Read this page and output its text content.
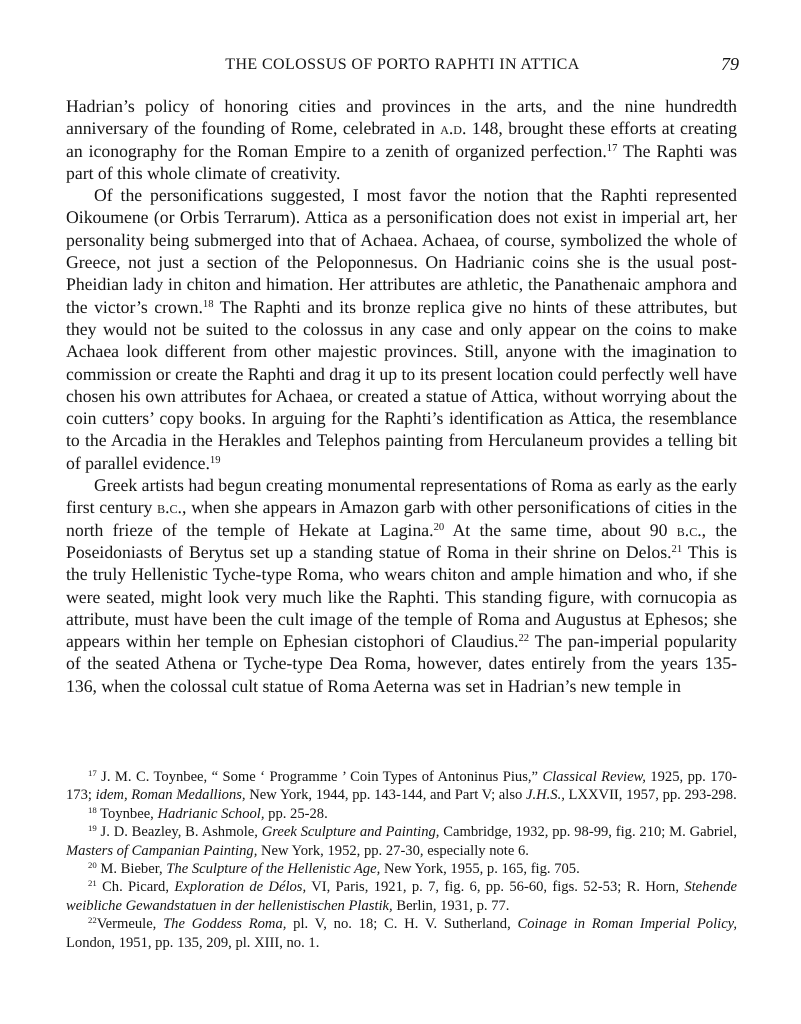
THE COLOSSUS OF PORTO RAPHTI IN ATTICA	79

Hadrian’s policy of honoring cities and provinces in the arts, and the nine hundredth anniversary of the founding of Rome, celebrated in a.d. 148, brought these efforts at creating an iconography for the Roman Empire to a zenith of organized perfection.$^{17}$ The Raphti was part of this whole climate of creativity.

Of the personifications suggested, I most favor the notion that the Raphti represented Oikoumene (or Orbis Terrarum). Attica as a personification does not exist in imperial art, her personality being submerged into that of Achaea. Achaea, of course, symbolized the whole of Greece, not just a section of the Peloponnesus. On Hadrianic coins she is the usual post-Pheidian lady in chiton and himation. Her attributes are athletic, the Panathenaic amphora and the victor’s crown.$^{18}$ The Raphti and its bronze replica give no hints of these attributes, but they would not be suited to the colossus in any case and only appear on the coins to make Achaea look different from other majestic provinces. Still, anyone with the imagination to commission or create the Raphti and drag it up to its present location could perfectly well have chosen his own attributes for Achaea, or created a statue of Attica, without worrying about the coin cutters’ copy books. In arguing for the Raphti’s identification as Attica, the resemblance to the Arcadia in the Herakles and Telephos painting from Herculaneum provides a telling bit of parallel evidence.$^{19}$

Greek artists had begun creating monumental representations of Roma as early as the early first century b.c., when she appears in Amazon garb with other personifications of cities in the north frieze of the temple of Hekate at Lagina.$^{20}$ At the same time, about 90 b.c., the Poseidoniasts of Berytus set up a standing statue of Roma in their shrine on Delos.$^{21}$ This is the truly Hellenistic Tyche-type Roma, who wears chiton and ample himation and who, if she were seated, might look very much like the Raphti. This standing figure, with cornucopia as attribute, must have been the cult image of the temple of Roma and Augustus at Ephesos; she appears within her temple on Ephesian cistophori of Claudius.$^{22}$ The pan-imperial popularity of the seated Athena or Tyche-type Dea Roma, however, dates entirely from the years 135-136, when the colossal cult statue of Roma Aeterna was set in Hadrian’s new temple in

$^{17}$ J. M. C. Toynbee, “ Some ‘ Programme ’ Coin Types of Antoninus Pius,” Classical Review, 1925, pp. 170-173; idem, Roman Medallions, New York, 1944, pp. 143-144, and Part V; also J.H.S., LXXVII, 1957, pp. 293-298.

$^{18}$ Toynbee, Hadrianic School, pp. 25-28.

$^{19}$ J. D. Beazley, B. Ashmole, Greek Sculpture and Painting, Cambridge, 1932, pp. 98-99, fig. 210; M. Gabriel, Masters of Campanian Painting, New York, 1952, pp. 27-30, especially note 6.

$^{20}$ M. Bieber, The Sculpture of the Hellenistic Age, New York, 1955, p. 165, fig. 705.

$^{21}$ Ch. Picard, Exploration de Délos, VI, Paris, 1921, p. 7, fig. 6, pp. 56-60, figs. 52-53; R. Horn, Stehende weibliche Gewandstatuen in der hellenistischen Plastik, Berlin, 1931, p. 77.

$^{22}$Vermeule, The Goddess Roma, pl. V, no. 18; C. H. V. Sutherland, Coinage in Roman Imperial Policy, London, 1951, pp. 135, 209, pl. XIII, no. 1.
